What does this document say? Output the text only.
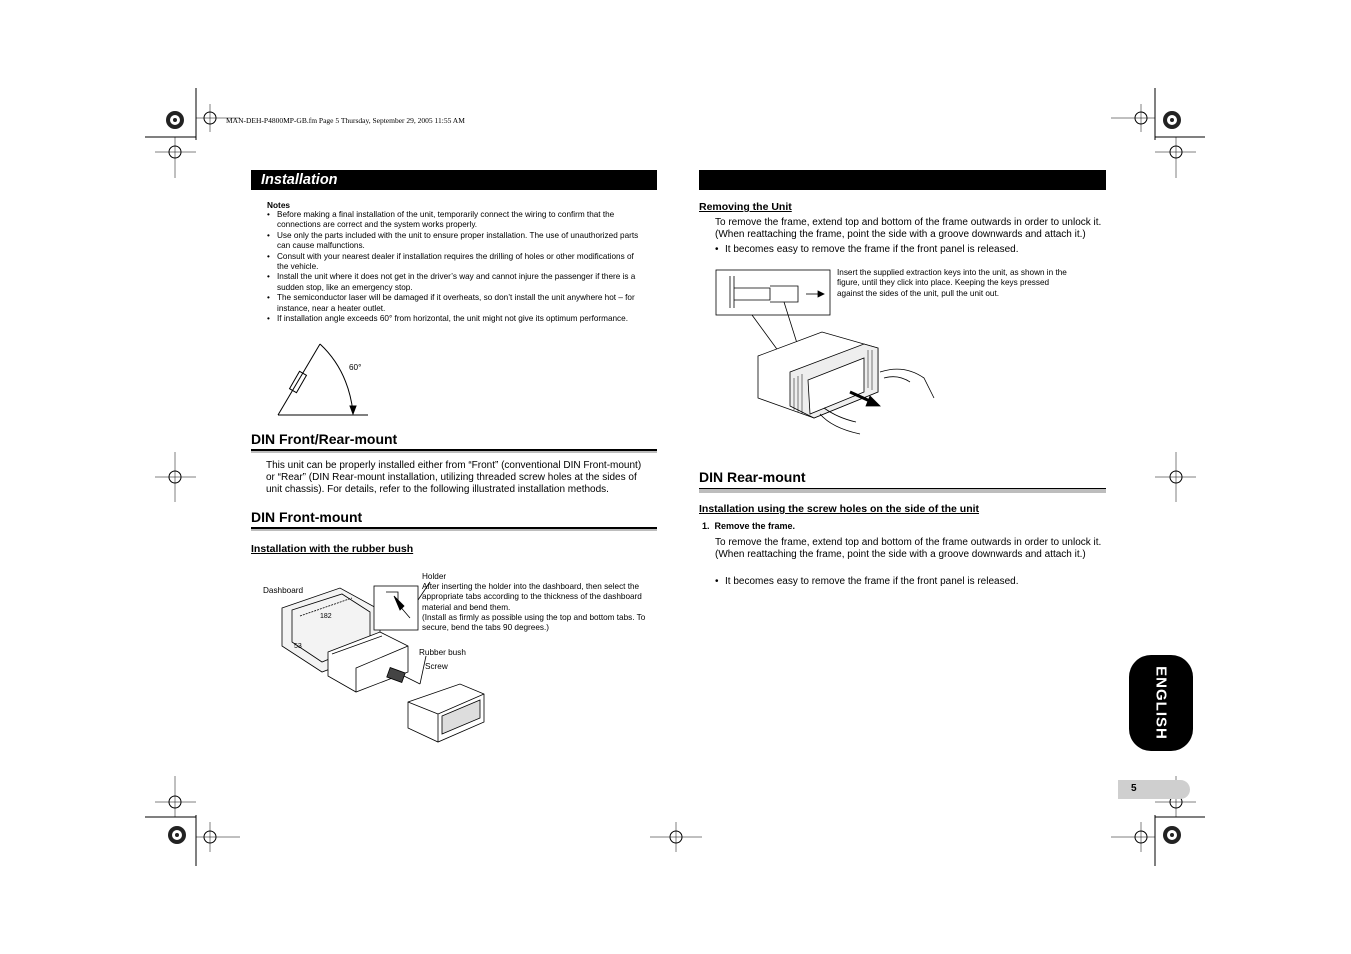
MAN-DEH-P4800MP-GB.fm Page 5 Thursday, September 29, 2005 11:55 AM
Installation
Notes
• Before making a final installation of the unit, temporarily connect the wiring to confirm that the connections are correct and the system works properly.
• Use only the parts included with the unit to ensure proper installation. The use of unauthorized parts can cause malfunctions.
• Consult with your nearest dealer if installation requires the drilling of holes or other modifications of the vehicle.
• Install the unit where it does not get in the driver’s way and cannot injure the passenger if there is a sudden stop, like an emergency stop.
• The semiconductor laser will be damaged if it overheats, so don’t install the unit anywhere hot – for instance, near a heater outlet.
• If installation angle exceeds 60° from horizontal, the unit might not give its optimum performance.
60°
DIN Front/Rear-mount
This unit can be properly installed either from “Front” (conventional DIN Front-mount) or “Rear” (DIN Rear-mount installation, utilizing threaded screw holes at the sides of unit chassis). For details, refer to the following illustrated installation methods.
DIN Front-mount
Installation with the rubber bush
182
53
Dashboard
Holder
After inserting the holder into the dashboard, then select the appropriate tabs according to the thickness of the dashboard material and bend them.
(Install as firmly as possible using the top and bottom tabs. To secure, bend the tabs 90 degrees.)
Rubber bush
Screw
Removing the Unit
To remove the frame, extend top and bottom of the frame outwards in order to unlock it. (When reattaching the frame, point the side with a groove downwards and attach it.)
• It becomes easy to remove the frame if the front panel is released.
Insert the supplied extraction keys into the unit, as shown in the figure, until they click into place. Keeping the keys pressed against the sides of the unit, pull the unit out.
DIN Rear-mount
Installation using the screw holes on the side of the unit
1.  Remove the frame.
To remove the frame, extend top and bottom of the frame outwards in order to unlock it. (When reattaching the frame, point the side with a groove downwards and attach it.)
• It becomes easy to remove the frame if the front panel is released.
ENGLISH
5
